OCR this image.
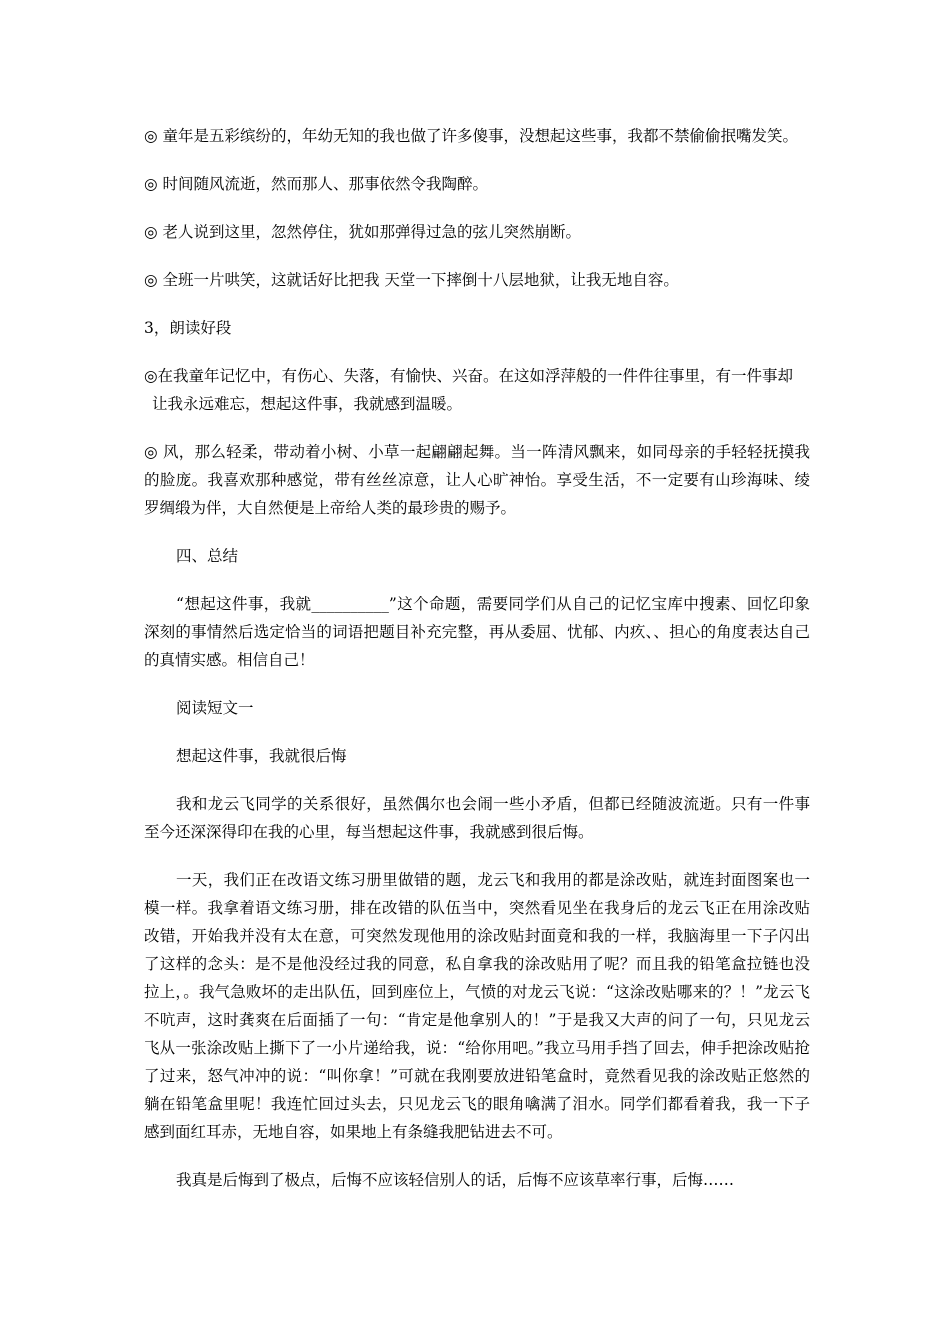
◎ 童年是五彩缤纷的，年幼无知的我也做了许多傻事，没想起这些事，我都不禁偷偷抿嘴发笑。

◎ 时间随风流逝，然而那人、那事依然令我陶醉。

◎ 老人说到这里，忽然停住，犹如那弹得过急的弦儿突然崩断。

◎ 全班一片哄笑，这就话好比把我 天堂一下摔倒十八层地狱，让我无地自容。

3，朗读好段

◎在我童年记忆中，有伤心、失落，有愉快、兴奋。在这如浮萍般的一件件往事里，有一件事却

让我永远难忘，想起这件事，我就感到温暖。

◎ 风，那么轻柔，带动着小树、小草一起翩翩起舞。当一阵清风飘来，如同母亲的手轻轻抚摸我的脸庞。我喜欢那种感觉，带有丝丝凉意，让人心旷神怡。享受生活，不一定要有山珍海味、绫罗绸缎为伴，大自然便是上帝给人类的最珍贵的赐予。

四、总结

“想起这件事，我就__________”这个命题，需要同学们从自己的记忆宝库中搜素、回忆印象深刻的事情然后选定恰当的词语把题目补充完整，再从委屈、忧郁、内疚、、担心的角度表达自己的真情实感。相信自己！

阅读短文一

想起这件事，我就很后悔

我和龙云飞同学的关系很好，虽然偶尔也会闹一些小矛盾，但都已经随波流逝。只有一件事至今还深深得印在我的心里，每当想起这件事，我就感到很后悔。

一天，我们正在改语文练习册里做错的题，龙云飞和我用的都是涂改贴，就连封面图案也一模一样。我拿着语文练习册，排在改错的队伍当中，突然看见坐在我身后的龙云飞正在用涂改贴改错，开始我并没有太在意，可突然发现他用的涂改贴封面竟和我的一样，我脑海里一下子闪出了这样的念头：是不是他没经过我的同意，私自拿我的涂改贴用了呢？而且我的铅笔盒拉链也没拉上，。我气急败坏的走出队伍，回到座位上，气愤的对龙云飞说：“这涂改贴哪来的？！”龙云飞不吭声，这时龚爽在后面插了一句：“肯定是他拿别人的！”于是我又大声的问了一句，只见龙云飞从一张涂改贴上撕下了一小片递给我，说：“给你用吧。”我立马用手挡了回去，伸手把涂改贴抢了过来，怒气冲冲的说：“叫你拿！”可就在我刚要放进铅笔盒时，竟然看见我的涂改贴正悠然的躺在铅笔盒里呢！我连忙回过头去，只见龙云飞的眼角噙满了泪水。同学们都看着我，我一下子感到面红耳赤，无地自容，如果地上有条缝我肥钻进去不可。

我真是后悔到了极点，后悔不应该轻信别人的话，后悔不应该草率行事，后悔……
